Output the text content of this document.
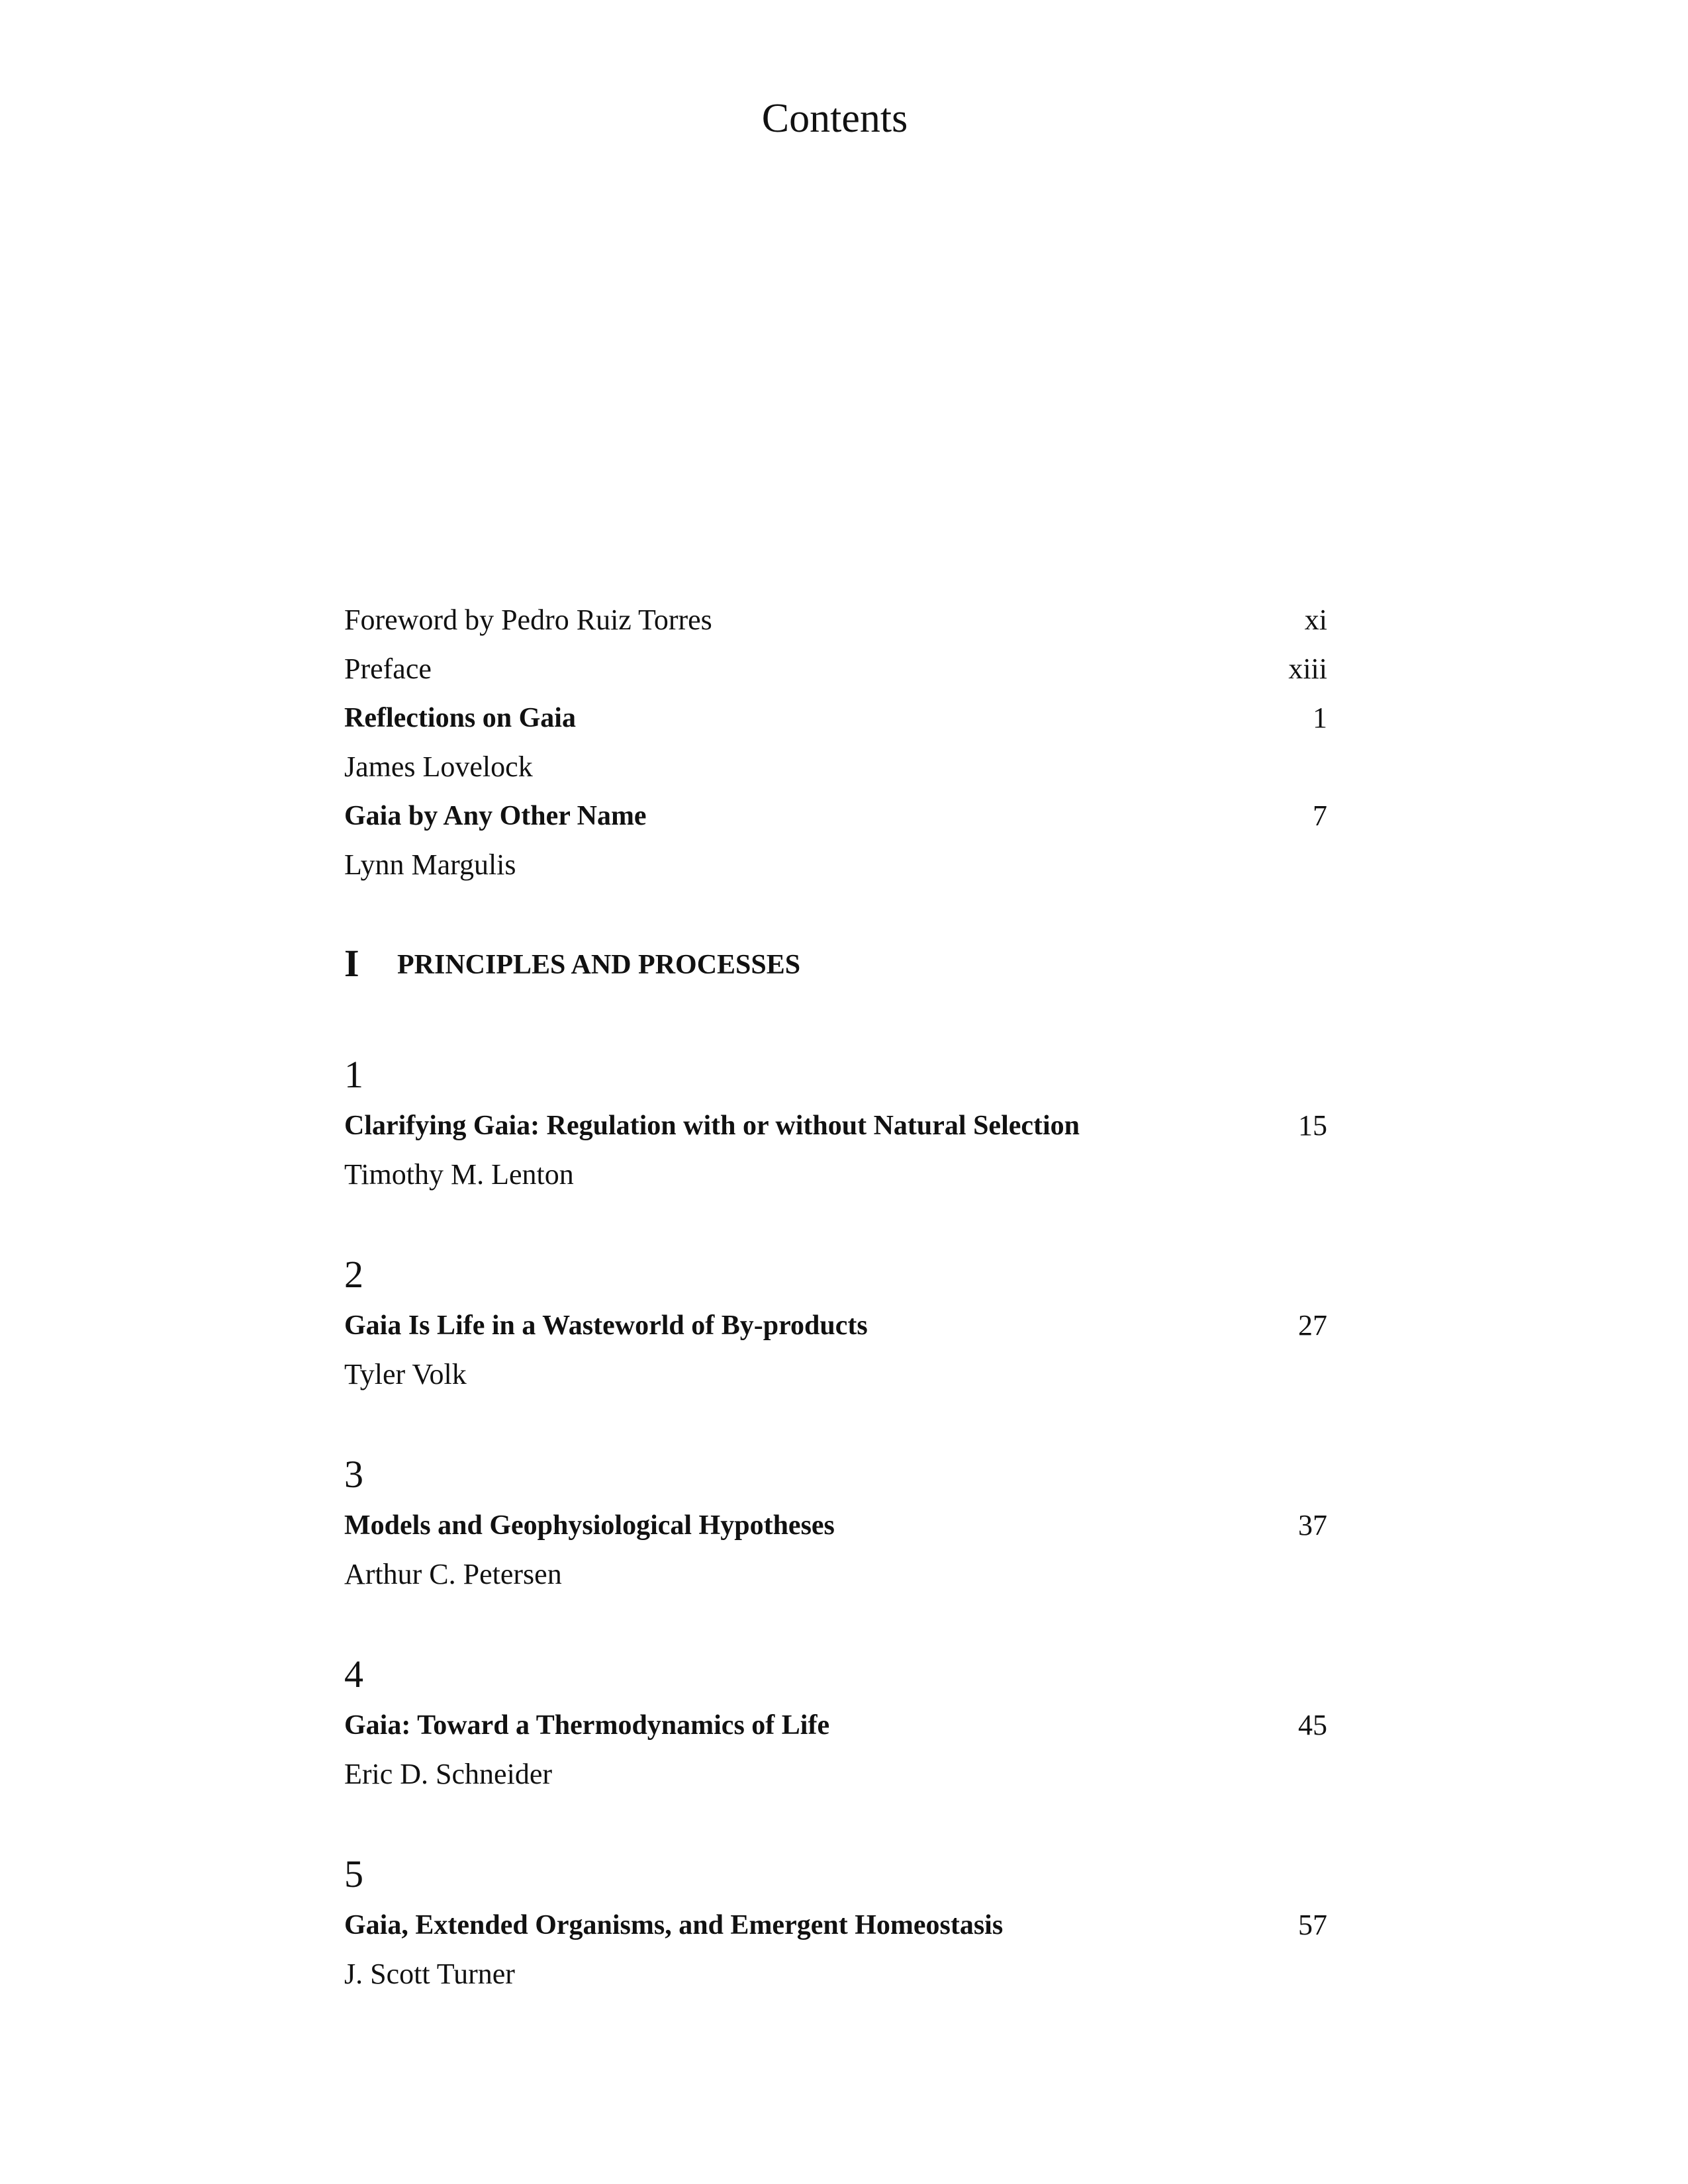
Contents
Foreword by Pedro Ruiz Torres	xi
Preface	xiii
Reflections on Gaia	1
James Lovelock
Gaia by Any Other Name	7
Lynn Margulis
I PRINCIPLES AND PROCESSES
1
Clarifying Gaia: Regulation with or without Natural Selection	15
Timothy M. Lenton
2
Gaia Is Life in a Wasteworld of By-products	27
Tyler Volk
3
Models and Geophysiological Hypotheses	37
Arthur C. Petersen
4
Gaia: Toward a Thermodynamics of Life	45
Eric D. Schneider
5
Gaia, Extended Organisms, and Emergent Homeostasis	57
J. Scott Turner
